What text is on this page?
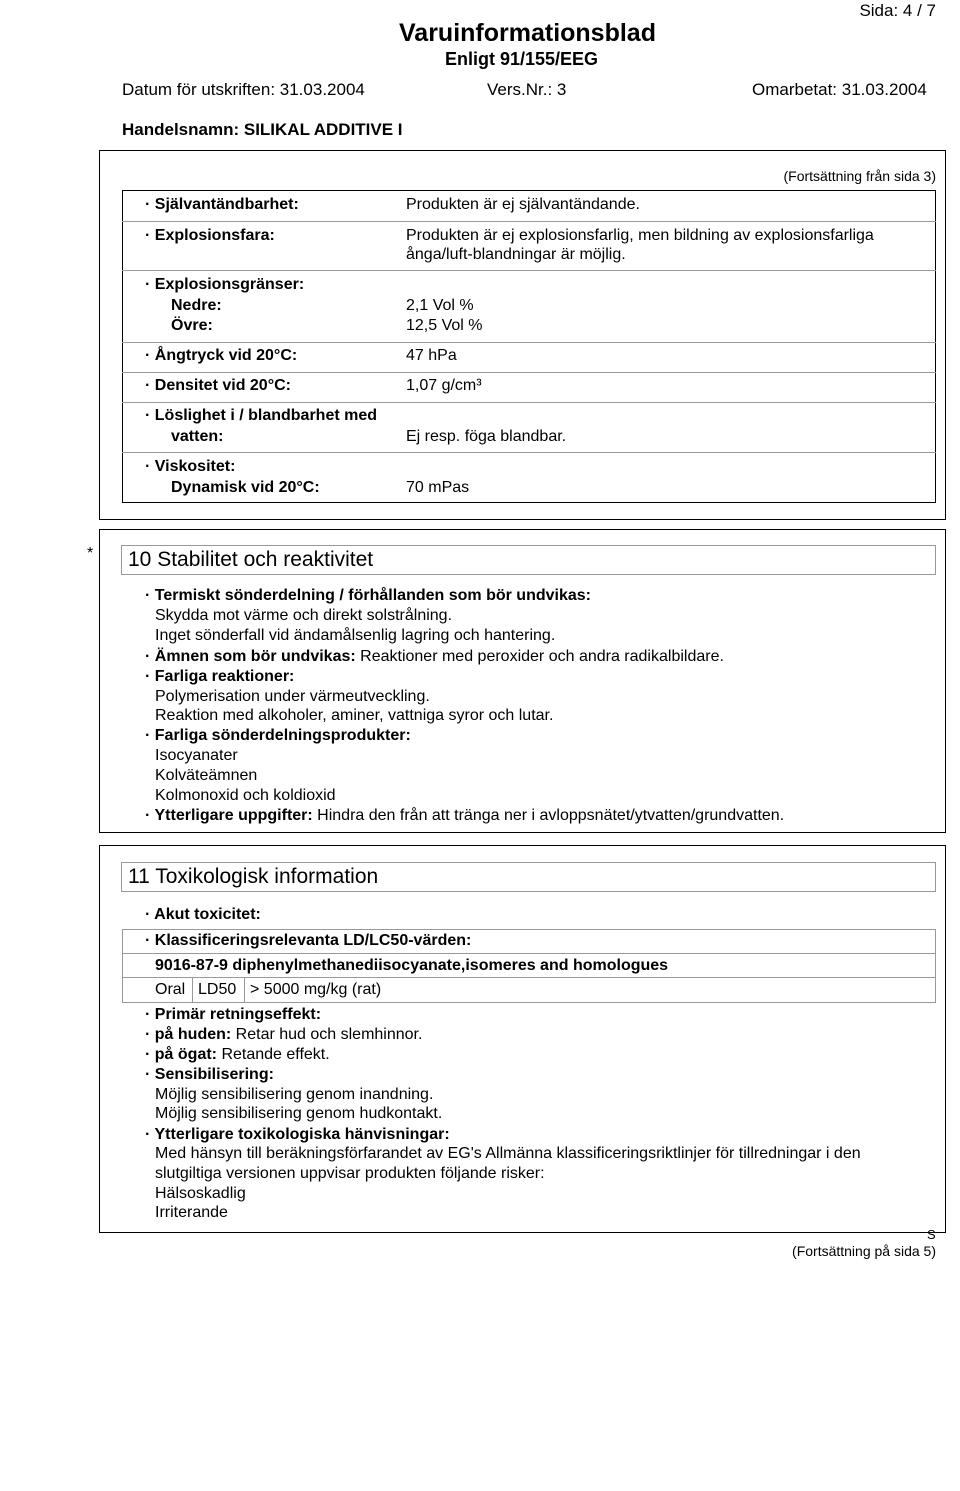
Sida: 4 / 7
Varuinformationsblad
Enligt 91/155/EEG
Datum för utskriften: 31.03.2004	Vers.Nr.: 3	Omarbetat: 31.03.2004
Handelsnamn: SILIKAL ADDITIVE I
(Fortsättning från sida 3)
· Självantändbarhet:	Produkten är ej självantändande.
· Explosionsfara:	Produkten är ej explosionsfarlig, men bildning av explosionsfarliga
ånga/luft-blandningar är möjlig.
· Explosionsgränser:
Nedre:	2,1 Vol %
Övre:	12,5 Vol %
· Ångtryck vid 20°C:	47 hPa
· Densitet vid 20°C:	1,07 g/cm³
· Löslighet i / blandbarhet med
vatten:	Ej resp. föga blandbar.
· Viskositet:
Dynamisk vid 20°C:	70 mPas
*	10 Stabilitet och reaktivitet
· Termiskt sönderdelning / förhållanden som bör undvikas:
Skydda mot värme och direkt solstrålning.
Inget sönderfall vid ändamålsenlig lagring och hantering.
· Ämnen som bör undvikas: Reaktioner med peroxider och andra radikalbildare.
· Farliga reaktioner:
Polymerisation under värmeutveckling.
Reaktion med alkoholer, aminer, vattniga syror och lutar.
· Farliga sönderdelningsprodukter:
Isocyanater
Kolväteämnen
Kolmonoxid och koldioxid
· Ytterligare uppgifter: Hindra den från att tränga ner i avloppsnätet/ytvatten/grundvatten.
11 Toxikologisk information
· Akut toxicitet:
· Klassificeringsrelevanta LD/LC50-värden:
9016-87-9 diphenylmethanediisocyanate,isomeres and homologues
Oral LD50 > 5000 mg/kg (rat)
· Primär retningseffekt:
· på huden: Retar hud och slemhinnor.
· på ögat: Retande effekt.
· Sensibilisering:
Möjlig sensibilisering genom inandning.
Möjlig sensibilisering genom hudkontakt.
· Ytterligare toxikologiska hänvisningar:
Med hänsyn till beräkningsförfarandet av EG's Allmänna klassificeringsriktlinjer för tillredningar i den
slutgiltiga versionen uppvisar produkten följande risker:
Hälsoskadlig
Irriterande
S
(Fortsättning på sida 5)
